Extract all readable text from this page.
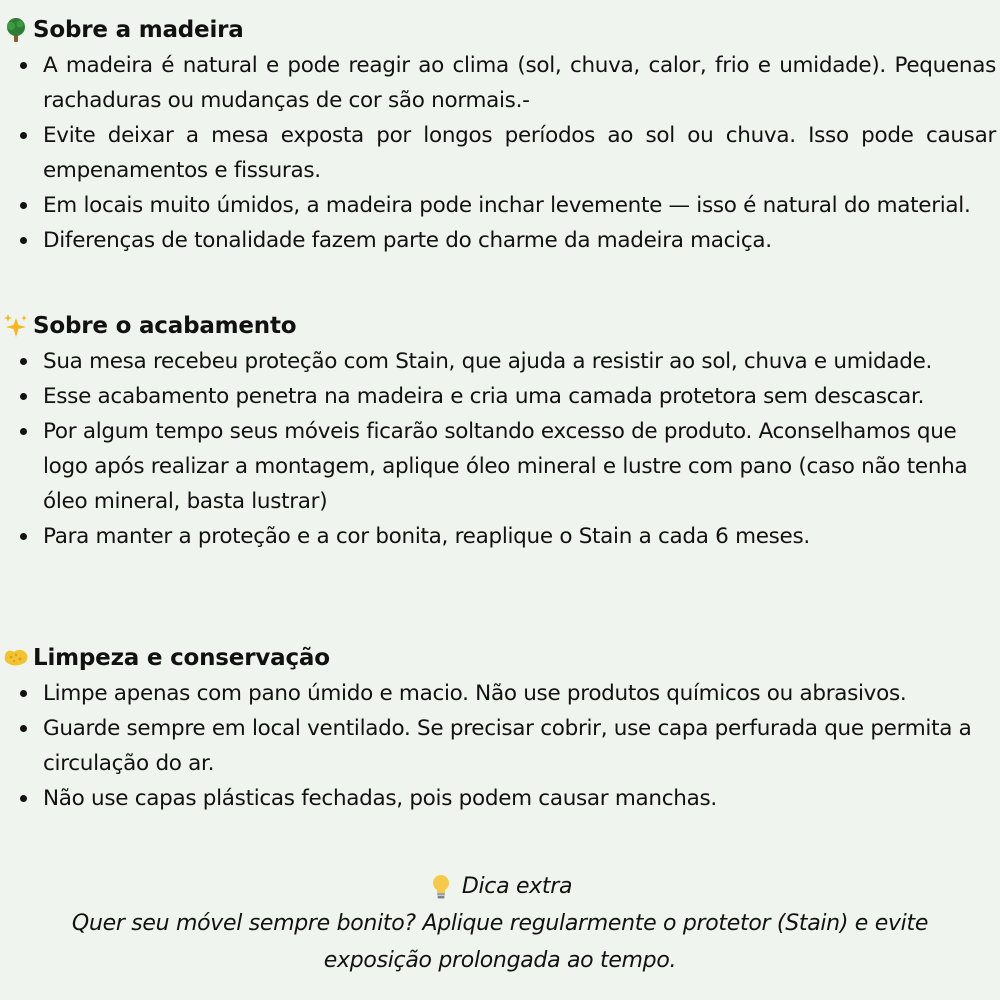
Sobre a madeira
A madeira é natural e pode reagir ao clima (sol, chuva, calor, frio e umidade). Pequenas rachaduras ou mudanças de cor são normais.-
Evite deixar a mesa exposta por longos períodos ao sol ou chuva. Isso pode causar empenamentos e fissuras.
Em locais muito úmidos, a madeira pode inchar levemente — isso é natural do material.
Diferenças de tonalidade fazem parte do charme da madeira maciça.
Sobre o acabamento
Sua mesa recebeu proteção com Stain, que ajuda a resistir ao sol, chuva e umidade.
Esse acabamento penetra na madeira e cria uma camada protetora sem descascar.
Por algum tempo seus móveis ficarão soltando excesso de produto. Aconselhamos que logo após realizar a montagem, aplique óleo mineral e lustre com pano (caso não tenha óleo mineral, basta lustrar)
Para manter a proteção e a cor bonita, reaplique o Stain a cada 6 meses.
Limpeza e conservação
Limpe apenas com pano úmido e macio. Não use produtos químicos ou abrasivos.
Guarde sempre em local ventilado. Se precisar cobrir, use capa perfurada que permita a circulação do ar.
Não use capas plásticas fechadas, pois podem causar manchas.
Dica extra
Quer seu móvel sempre bonito? Aplique regularmente o protetor (Stain) e evite exposição prolongada ao tempo.
